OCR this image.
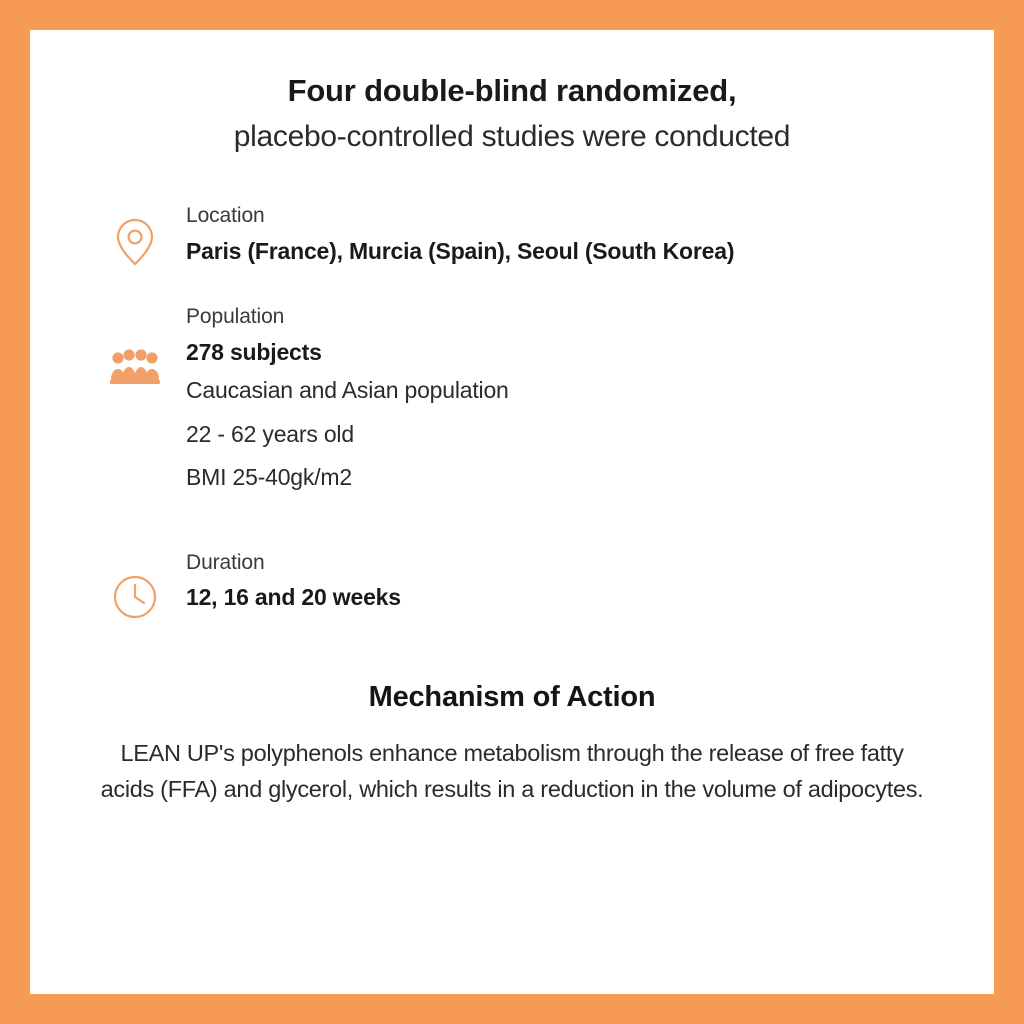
Four double-blind randomized,
placebo-controlled studies were conducted
Location
Paris (France), Murcia (Spain), Seoul (South Korea)
Population
278 subjects
Caucasian and Asian population
22 - 62 years old
BMI 25-40gk/m2
Duration
12, 16 and 20 weeks
Mechanism of Action

LEAN UP's polyphenols enhance metabolism through the release of free fatty acids (FFA) and glycerol, which results in a reduction in the volume of adipocytes.
